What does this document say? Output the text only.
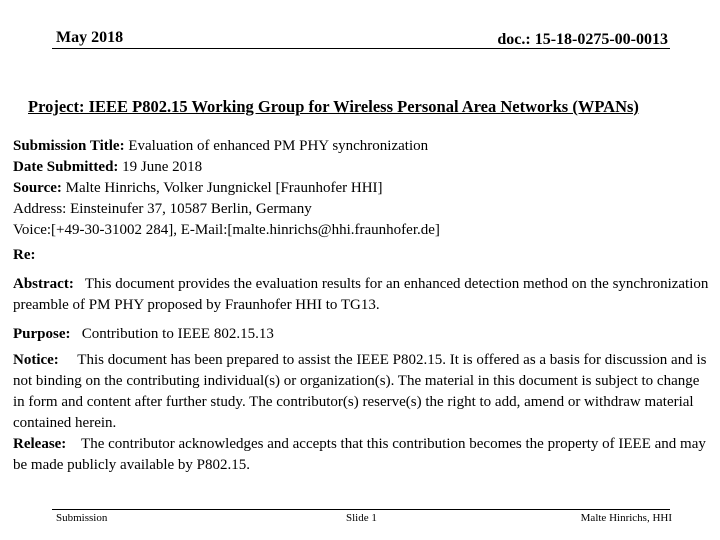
May 2018	doc.: 15-18-0275-00-0013
Project: IEEE P802.15 Working Group for Wireless Personal Area Networks (WPANs)
Submission Title: Evaluation of enhanced PM PHY synchronization
Date Submitted: 19 June 2018
Source: Malte Hinrichs, Volker Jungnickel [Fraunhofer HHI]
Address: Einsteinufer 37, 10587 Berlin, Germany
Voice:[+49-30-31002 284], E-Mail:[malte.hinrichs@hhi.fraunhofer.de]
Re:
Abstract: This document provides the evaluation results for an enhanced detection method on the synchronization preamble of PM PHY proposed by Fraunhofer HHI to TG13.
Purpose: Contribution to IEEE 802.15.13
Notice: This document has been prepared to assist the IEEE P802.15. It is offered as a basis for discussion and is not binding on the contributing individual(s) or organization(s). The material in this document is subject to change in form and content after further study. The contributor(s) reserve(s) the right to add, amend or withdraw material contained herein.
Release: The contributor acknowledges and accepts that this contribution becomes the property of IEEE and may be made publicly available by P802.15.
Submission	Slide 1	Malte Hinrichs, HHI
